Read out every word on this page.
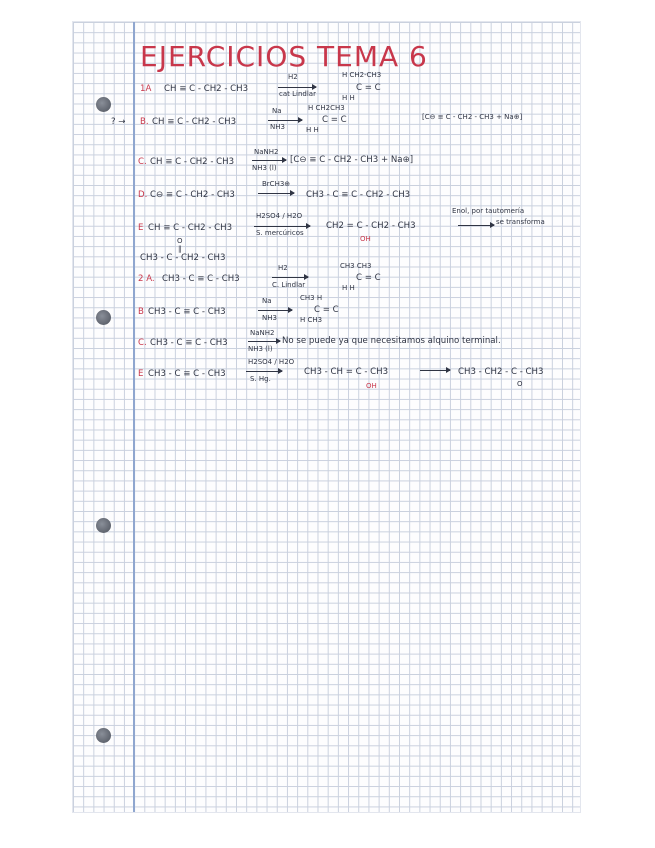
EJERCICIOS TEMA 6
1A CH ≡ C - CH2 - CH3
H2
cat Lindlar
H CH2-CH3
C = C
H H
? → B. CH ≡ C - CH2 - CH3
Na
NH3
H CH2CH3
C = C
H H
[C⊖ ≡ C - CH2 - CH3 + Na⊕]
C. CH ≡ C - CH2 - CH3
NaNH2
NH3 (l)
[C⊖ ≡ C - CH2 - CH3 + Na⊕]
D. C⊖ ≡ C - CH2 - CH3
BrCH3⊕
→ CH3 - C ≡ C - CH2 - CH3
E CH ≡ C - CH2 - CH3
H2SO4 / H2O
S. mercúricos
CH2 = C - CH2 - CH3
OH
Enol, por tautomería
→ se transforma
O
‖
CH3 - C - CH2 - CH3
2 A. CH3 - C ≡ C - CH3
H2
C. Lindlar
CH3 CH3
C = C
H H
B CH3 - C ≡ C - CH3
Na
NH3
CH3 H
C = C
H CH3
C. CH3 - C ≡ C - CH3
NaNH2
NH3 (l)
No se puede ya que necesitamos alquino terminal.
E CH3 - C ≡ C - CH3
H2SO4 / H2O
S. Hg.
CH3 - CH = C - CH3
OH
→ CH3 - CH2 - C - CH3
O
